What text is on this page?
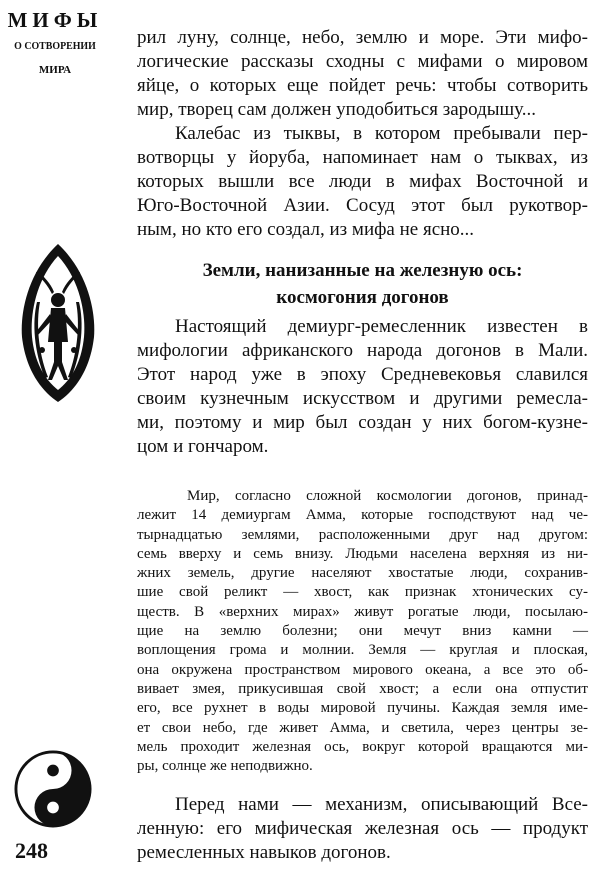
МИФЫ
О СОТВОРЕНИИ
МИРА
рил луну, солнце, небо, землю и море. Эти мифо-
логические рассказы сходны с мифами о мировом
яйце, о которых еще пойдет речь: чтобы сотворить
мир, творец сам должен уподобиться зародышу...
Калебас из тыквы, в котором пребывали пер-
вотворцы у йоруба, напоминает нам о тыквах, из
которых вышли все люди в мифах Восточной и
Юго-Восточной Азии. Сосуд этот был рукотвор-
ным, но кто его создал, из мифа не ясно...
Земли, нанизанные на железную ось:
космогония догонов
Настоящий демиург-ремесленник известен в
мифологии африканского народа догонов в Мали.
Этот народ уже в эпоху Средневековья славился
своим кузнечным искусством и другими ремесла-
ми, поэтому и мир был создан у них богом-кузне-
цом и гончаром.
Мир, согласно сложной космологии догонов, принад-
лежит 14 демиургам Амма, которые господствуют над че-
тырнадцатью землями, расположенными друг над другом:
семь вверху и семь внизу. Людьми населена верхняя из ни-
жних земель, другие населяют хвостатые люди, сохранив-
шие свой реликт — хвост, как признак хтонических су-
ществ. В «верхних мирах» живут рогатые люди, посылаю-
щие на землю болезни; они мечут вниз камни —
воплощения грома и молнии. Земля — круглая и плоская,
она окружена пространством мирового океана, а все это об-
вивает змея, прикусившая свой хвост; а если она отпустит
его, все рухнет в воды мировой пучины. Каждая земля име-
ет свои небо, где живет Амма, и светила, через центры зе-
мель проходит железная ось, вокруг которой вращаются ми-
ры, солнце же неподвижно.
Перед нами — механизм, описывающий Все-
ленную: его мифическая железная ось — продукт
ремесленных навыков догонов.
248
